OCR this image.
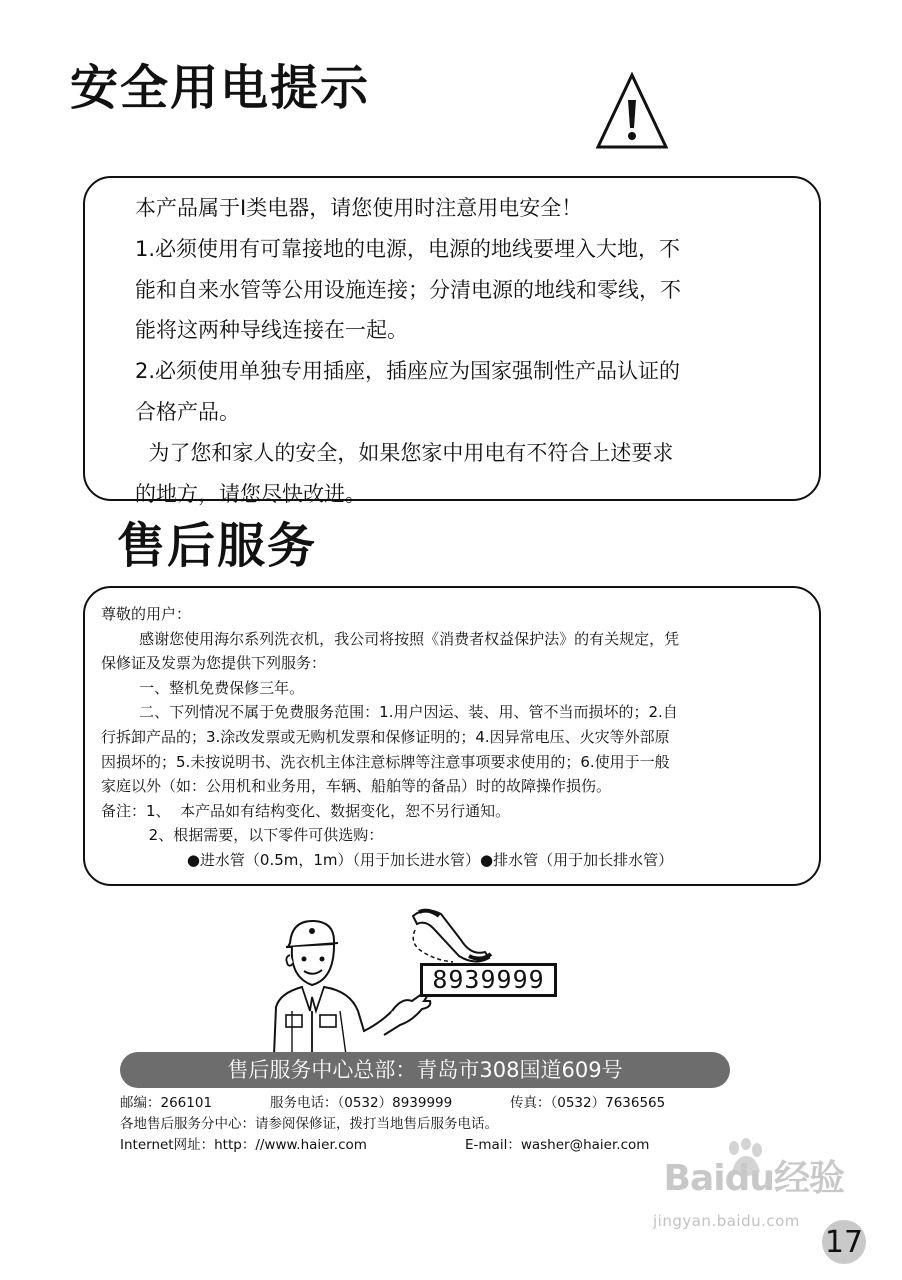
安全用电提示

本产品属于I类电器，请您使用时注意用电安全！

1.必须使用有可靠接地的电源，电源的地线要埋入大地，不

能和自来水管等公用设施连接；分清电源的地线和零线，不

能将这两种导线连接在一起。

2.必须使用单独专用插座，插座应为国家强制性产品认证的

合格产品。

为了您和家人的安全，如果您家中用电有不符合上述要求

的地方，请您尽快改进。

售后服务

尊敬的用户：

感谢您使用海尔系列洗衣机，我公司将按照《消费者权益保护法》的有关规定，凭

保修证及发票为您提供下列服务：

一、整机免费保修三年。

二、下列情况不属于免费服务范围：1.用户因运、装、用、管不当而损坏的；2.自

行拆卸产品的；3.涂改发票或无购机发票和保修证明的；4.因异常电压、火灾等外部原

因损坏的；5.未按说明书、洗衣机主体注意标牌等注意事项要求使用的；6.使用于一般

家庭以外（如：公用机和业务用，车辆、船舶等的备品）时的故障操作损伤。

备注：1、  本产品如有结构变化、数据变化，恕不另行通知。

2、根据需要，以下零件可供选购：

●进水管（0.5m，1m）（用于加长进水管）●排水管（用于加长排水管）

8939999
售后服务中心总部：青岛市308国道609号

邮编：266101	服务电话：（0532）8939999	传真：（0532）7636565

各地售后服务分中心：请参阅保修证，拨打当地售后服务电话。

Internet网址：http：//www.haier.com	E-mail：washer@haier.com

Baidu经验
jingyan.baidu.com
17
